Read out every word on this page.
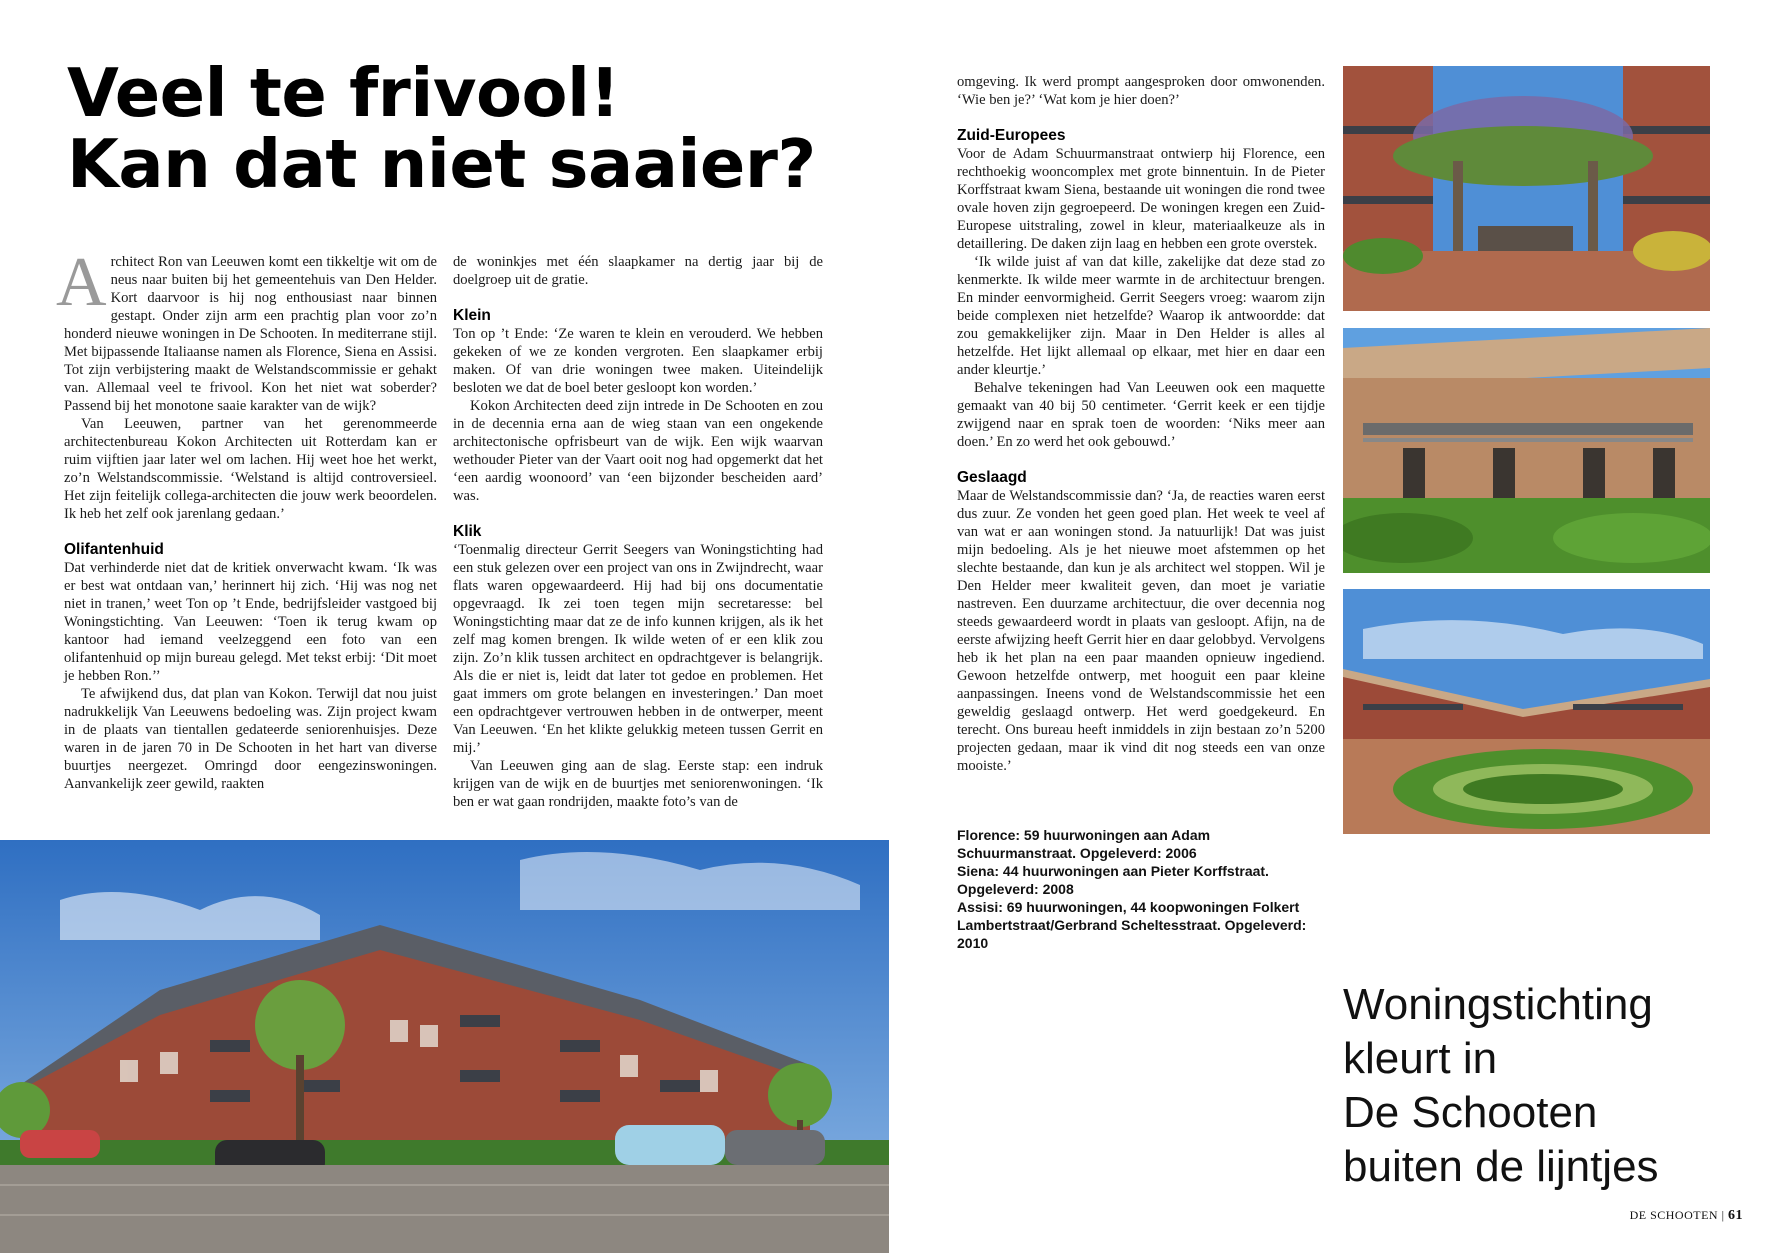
Veel te frivool!
Kan dat niet saaier?

Architect Ron van Leeuwen komt een tikkeltje wit om de neus naar buiten bij het gemeentehuis van Den Helder. Kort daarvoor is hij nog enthousiast naar binnen gestapt. Onder zijn arm een prachtig plan voor zo’n honderd nieuwe woningen in De Schooten. In mediterrane stijl. Met bijpassende Italiaanse namen als Florence, Siena en Assisi. Tot zijn verbijstering maakt de Welstandscommissie er gehakt van. Allemaal veel te frivool. Kon het niet wat soberder? Passend bij het monotone saaie karakter van de wijk?

Van Leeuwen, partner van het gerenommeerde architectenbureau Kokon Architecten uit Rotterdam kan er ruim vijftien jaar later wel om lachen. Hij weet hoe het werkt, zo’n Welstandscommissie. ‘Welstand is altijd controversieel. Het zijn feitelijk collega-architecten die jouw werk beoordelen. Ik heb het zelf ook jarenlang gedaan.’

Olifantenhuid

Dat verhinderde niet dat de kritiek onverwacht kwam. ‘Ik was er best wat ontdaan van,’ herinnert hij zich. ‘Hij was nog net niet in tranen,’ weet Ton op ’t Ende, bedrijfsleider vastgoed bij Woningstichting. Van Leeuwen: ‘Toen ik terug kwam op kantoor had iemand veelzeggend een foto van een olifantenhuid op mijn bureau gelegd. Met tekst erbij: ‘Dit moet je hebben Ron.’’

Te afwijkend dus, dat plan van Kokon. Terwijl dat nou juist nadrukkelijk Van Leeuwens bedoeling was. Zijn project kwam in de plaats van tientallen gedateerde seniorenhuisjes. Deze waren in de jaren 70 in De Schooten in het hart van diverse buurtjes neergezet. Omringd door eengezinswoningen. Aanvankelijk zeer gewild, raakten

de woninkjes met één slaapkamer na dertig jaar bij de doelgroep uit de gratie.

Klein

Ton op ’t Ende: ‘Ze waren te klein en verouderd. We hebben gekeken of we ze konden vergroten. Een slaapkamer erbij maken. Of van drie woningen twee maken. Uiteindelijk besloten we dat de boel beter gesloopt kon worden.’

Kokon Architecten deed zijn intrede in De Schooten en zou in de decennia erna aan de wieg staan van een ongekende architectonische opfrisbeurt van de wijk. Een wijk waarvan wethouder Pieter van der Vaart ooit nog had opgemerkt dat het ‘een aardig woonoord’ van ‘een bijzonder bescheiden aard’ was.

Klik

‘Toenmalig directeur Gerrit Seegers van Woningstichting had een stuk gelezen over een project van ons in Zwijndrecht, waar flats waren opgewaardeerd. Hij had bij ons documentatie opgevraagd. Ik zei toen tegen mijn secretaresse: bel Woningstichting maar dat ze de info kunnen krijgen, als ik het zelf mag komen brengen. Ik wilde weten of er een klik zou zijn. Zo’n klik tussen architect en opdrachtgever is belangrijk. Als die er niet is, leidt dat later tot gedoe en problemen. Het gaat immers om grote belangen en investeringen.’ Dan moet een opdrachtgever vertrouwen hebben in de ontwerper, meent Van Leeuwen. ‘En het klikte gelukkig meteen tussen Gerrit en mij.’

Van Leeuwen ging aan de slag. Eerste stap: een indruk krijgen van de wijk en de buurtjes met seniorenwoningen. ‘Ik ben er wat gaan rondrijden, maakte foto’s van de

omgeving. Ik werd prompt aangesproken door omwonenden. ‘Wie ben je?’ ‘Wat kom je hier doen?’

Zuid-Europees

Voor de Adam Schuurmanstraat ontwierp hij Florence, een rechthoekig wooncomplex met grote binnentuin. In de Pieter Korffstraat kwam Siena, bestaande uit woningen die rond twee ovale hoven zijn gegroepeerd. De woningen kregen een Zuid-Europese uitstraling, zowel in kleur, materiaalkeuze als in detaillering. De daken zijn laag en hebben een grote overstek.

‘Ik wilde juist af van dat kille, zakelijke dat deze stad zo kenmerkte. Ik wilde meer warmte in de architectuur brengen. En minder eenvormigheid. Gerrit Seegers vroeg: waarom zijn beide complexen niet hetzelfde? Waarop ik antwoordde: dat zou gemakkelijker zijn. Maar in Den Helder is alles al hetzelfde. Het lijkt allemaal op elkaar, met hier en daar een ander kleurtje.’

Behalve tekeningen had Van Leeuwen ook een maquette gemaakt van 40 bij 50 centimeter. ‘Gerrit keek er een tijdje zwijgend naar en sprak toen de woorden: ‘Niks meer aan doen.’ En zo werd het ook gebouwd.’

Geslaagd

Maar de Welstandscommissie dan? ‘Ja, de reacties waren eerst dus zuur. Ze vonden het geen goed plan. Het week te veel af van wat er aan woningen stond. Ja natuurlijk! Dat was juist mijn bedoeling. Als je het nieuwe moet afstemmen op het slechte bestaande, dan kun je als architect wel stoppen. Wil je Den Helder meer kwaliteit geven, dan moet je variatie nastreven. Een duurzame architectuur, die over decennia nog steeds gewaardeerd wordt in plaats van gesloopt. Afijn, na de eerste afwijzing heeft Gerrit hier en daar gelobbyd. Vervolgens heb ik het plan na een paar maanden opnieuw ingediend. Gewoon hetzelfde ontwerp, met hooguit een paar kleine aanpassingen. Ineens vond de Welstandscommissie het een geweldig geslaagd ontwerp. Het werd goedgekeurd. En terecht. Ons bureau heeft inmiddels in zijn bestaan zo’n 5200 projecten gedaan, maar ik vind dit nog steeds een van onze mooiste.’

Florence: 59 huurwoningen aan Adam Schuurmanstraat. Opgeleverd: 2006
Siena: 44 huurwoningen aan Pieter Korffstraat. Opgeleverd: 2008
Assisi: 69 huurwoningen, 44 koopwoningen Folkert Lambertstraat/Gerbrand Scheltesstraat. Opgeleverd: 2010
Woningstichting
kleurt in
De Schooten
buiten de lijntjes
DE SCHOOTEN | 61
